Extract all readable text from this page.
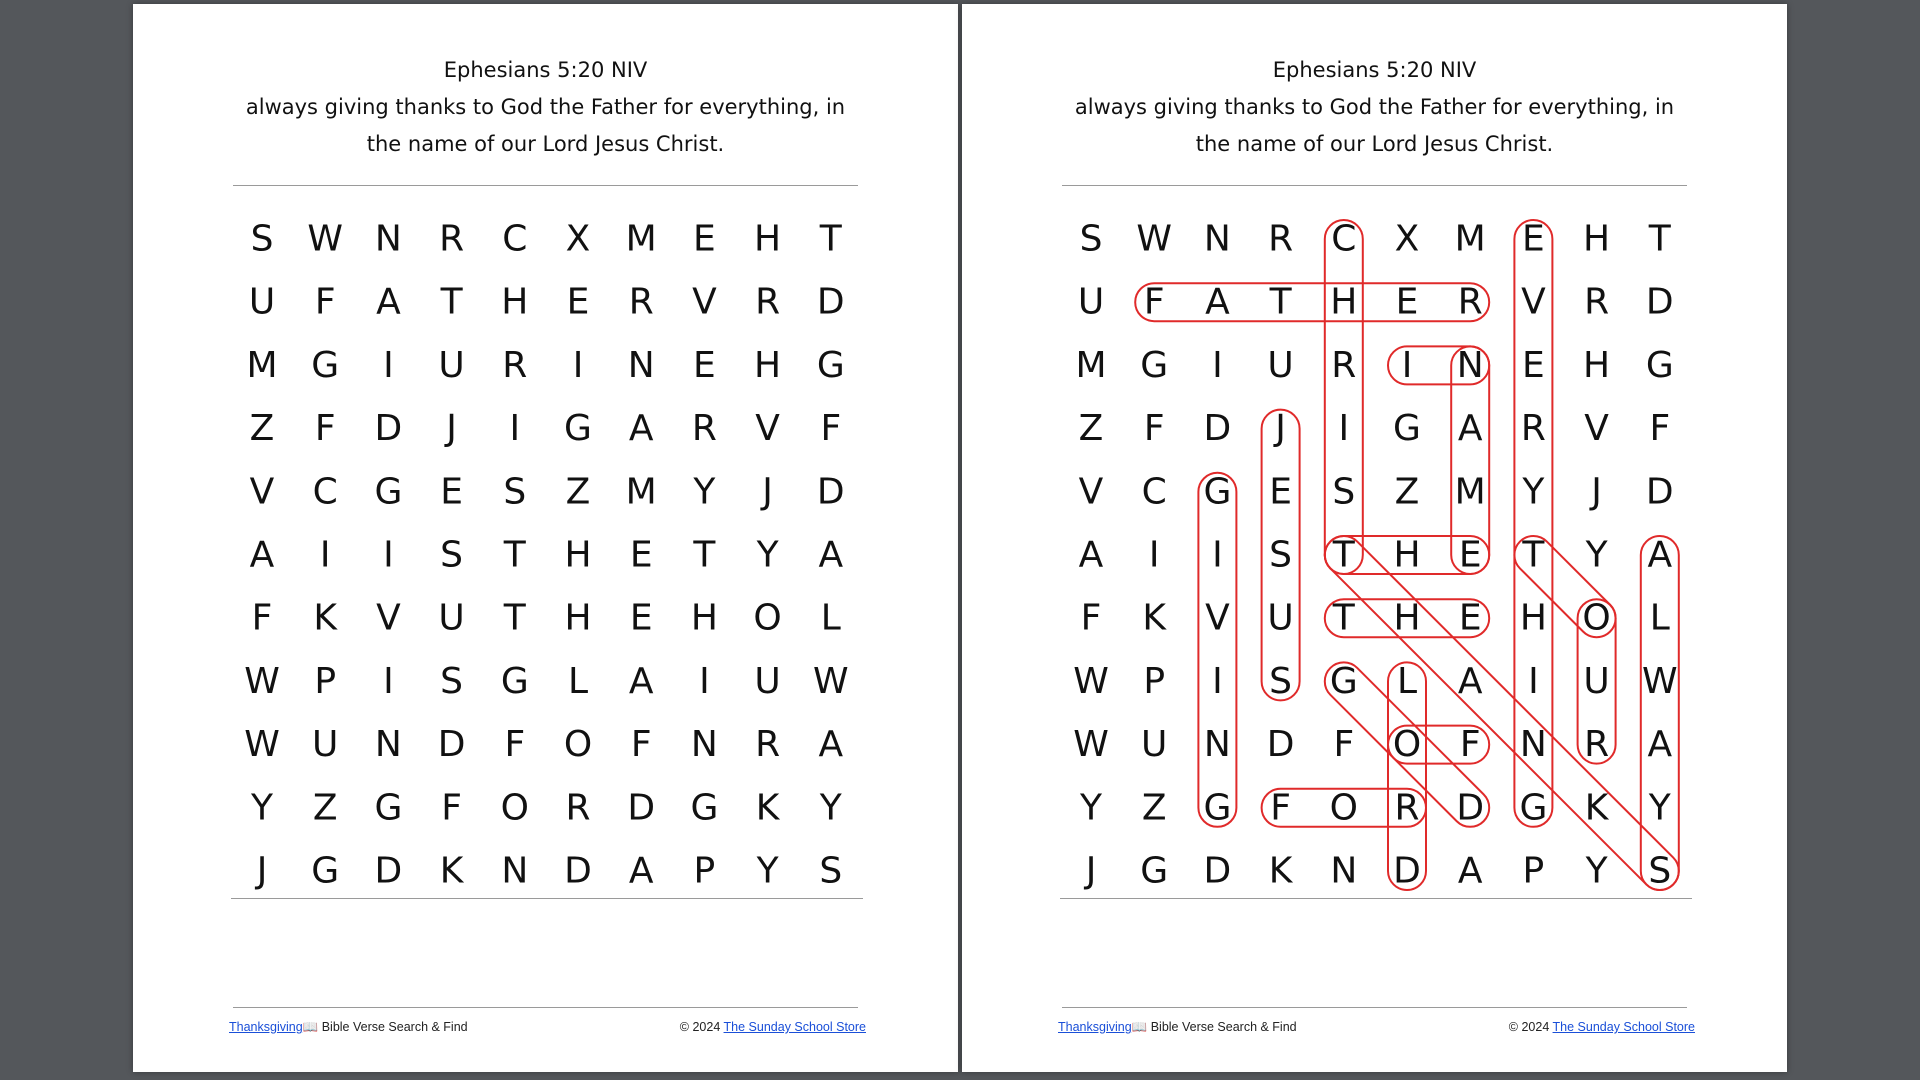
Ephesians 5:20 NIV
always giving thanks to God the Father for everything, in
the name of our Lord Jesus Christ.
S W N R C X M E H T
U F A T H E R V R D
M G I U R I N E H G
Z F D J I G A R V F
V C G E S Z M Y J D
A I I S T H E T Y A
F K V U T H E H O L
W P I S G L A I U W
W U N D F O F N R A
Y Z G F O R D G K Y
J G D K N D A P Y S
Thanksgiving📖 Bible Verse Search & Find	© 2024 The Sunday School Store
Ephesians 5:20 NIV
always giving thanks to God the Father for everything, in
the name of our Lord Jesus Christ.
S W N R C X M E H T
U F A T H E R V R D
M G I U R I N E H G
Z F D J I G A R V F
V C G E S Z M Y J D
A I I S T H E T Y A
F K V U T H E H O L
W P I S G L A I U W
W U N D F O F N R A
Y Z G F O R D G K Y
J G D K N D A P Y S
Thanksgiving📖 Bible Verse Search & Find	© 2024 The Sunday School Store
